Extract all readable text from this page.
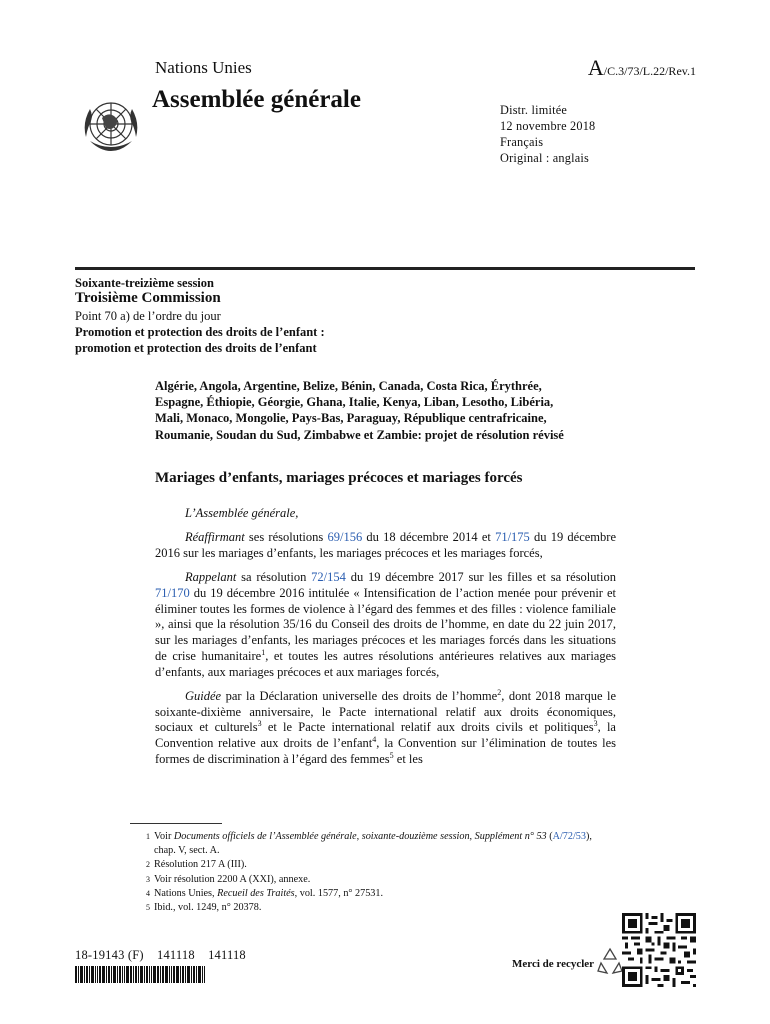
Nations Unies	A/C.3/73/L.22/Rev.1
Assemblée générale	Distr. limitée
12 novembre 2018
Français
Original : anglais
Soixante-treizième session
Troisième Commission
Point 70 a) de l’ordre du jour
Promotion et protection des droits de l’enfant :
promotion et protection des droits de l’enfant
Algérie, Angola, Argentine, Belize, Bénin, Canada, Costa Rica, Érythrée, Espagne, Éthiopie, Géorgie, Ghana, Italie, Kenya, Liban, Lesotho, Libéria, Mali, Monaco, Mongolie, Pays-Bas, Paraguay, République centrafricaine, Roumanie, Soudan du Sud, Zimbabwe et Zambie: projet de résolution révisé
Mariages d’enfants, mariages précoces et mariages forcés

L’Assemblée générale,

Réaffirmant ses résolutions 69/156 du 18 décembre 2014 et 71/175 du 19 décembre 2016 sur les mariages d’enfants, les mariages précoces et les mariages forcés,

Rappelant sa résolution 72/154 du 19 décembre 2017 sur les filles et sa résolution 71/170 du 19 décembre 2016 intitulée « Intensification de l’action menée pour prévenir et éliminer toutes les formes de violence à l’égard des femmes et des filles : violence familiale », ainsi que la résolution 35/16 du Conseil des droits de l’homme, en date du 22 juin 2017, sur les mariages d’enfants, les mariages précoces et les mariages forcés dans les situations de crise humanitaire$^1$, et toutes les autres résolutions antérieures relatives aux mariages d’enfants, aux mariages précoces et aux mariages forcés,

Guidée par la Déclaration universelle des droits de l’homme$^2$, dont 2018 marque le soixante-dixième anniversaire, le Pacte international relatif aux droits économiques, sociaux et culturels$^3$ et le Pacte international relatif aux droits civils et politiques$^3$, la Convention relative aux droits de l’enfant$^4$, la Convention sur l’élimination de toutes les formes de discrimination à l’égard des femmes$^5$ et les

1 Voir Documents officiels de l’Assemblée générale, soixante-douzième session, Supplément n° 53 (A/72/53), chap. V, sect. A.
2 Résolution 217 A (III).
3 Voir résolution 2200 A (XXI), annexe.
4 Nations Unies, Recueil des Traités, vol. 1577, n° 27531.
5 Ibid., vol. 1249, n° 20378.
18-19143 (F)    141118    141118
Merci de recycler
